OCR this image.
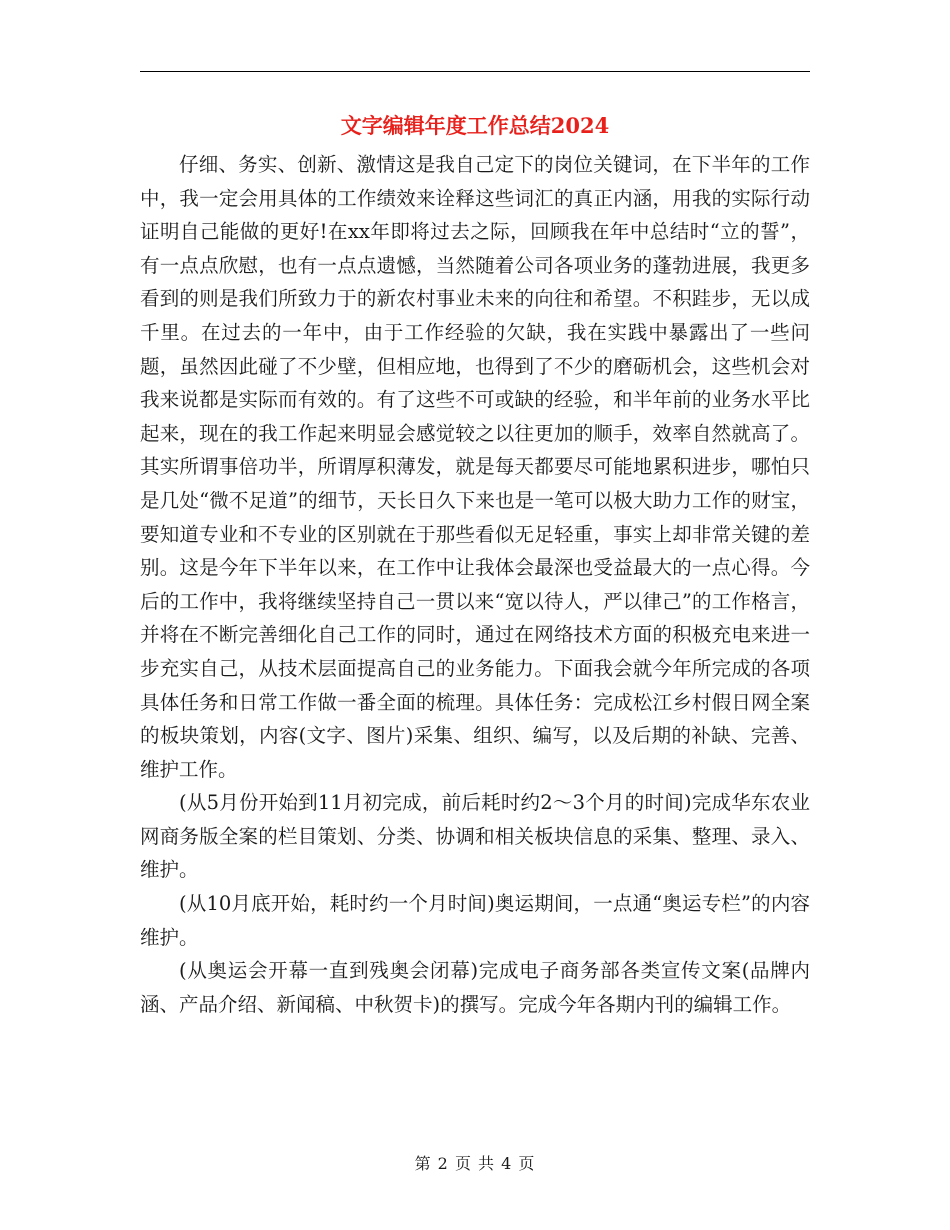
文字编辑年度工作总结2024

仔细、务实、创新、激情这是我自己定下的岗位关键词，在下半年的工作中，我一定会用具体的工作绩效来诠释这些词汇的真正内涵，用我的实际行动证明自己能做的更好!在xx年即将过去之际，回顾我在年中总结时“立的誓”，有一点点欣慰，也有一点点遗憾，当然随着公司各项业务的蓬勃进展，我更多看到的则是我们所致力于的新农村事业未来的向往和希望。不积跬步，无以成千里。在过去的一年中，由于工作经验的欠缺，我在实践中暴露出了一些问题，虽然因此碰了不少壁，但相应地，也得到了不少的磨砺机会，这些机会对我来说都是实际而有效的。有了这些不可或缺的经验，和半年前的业务水平比起来，现在的我工作起来明显会感觉较之以往更加的顺手，效率自然就高了。其实所谓事倍功半，所谓厚积薄发，就是每天都要尽可能地累积进步，哪怕只是几处“微不足道”的细节，天长日久下来也是一笔可以极大助力工作的财宝，要知道专业和不专业的区别就在于那些看似无足轻重，事实上却非常关键的差别。这是今年下半年以来，在工作中让我体会最深也受益最大的一点心得。今后的工作中，我将继续坚持自己一贯以来“宽以待人，严以律己”的工作格言，并将在不断完善细化自己工作的同时，通过在网络技术方面的积极充电来进一步充实自己，从技术层面提高自己的业务能力。下面我会就今年所完成的各项具体任务和日常工作做一番全面的梳理。具体任务：完成松江乡村假日网全案的板块策划，内容(文字、图片)采集、组织、编写，以及后期的补缺、完善、维护工作。

(从5月份开始到11月初完成，前后耗时约2～3个月的时间)完成华东农业网商务版全案的栏目策划、分类、协调和相关板块信息的采集、整理、录入、维护。

(从10月底开始，耗时约一个月时间)奥运期间，一点通“奥运专栏”的内容维护。

(从奥运会开幕一直到残奥会闭幕)完成电子商务部各类宣传文案(品牌内涵、产品介绍、新闻稿、中秋贺卡)的撰写。完成今年各期内刊的编辑工作。

第 2 页 共 4 页
